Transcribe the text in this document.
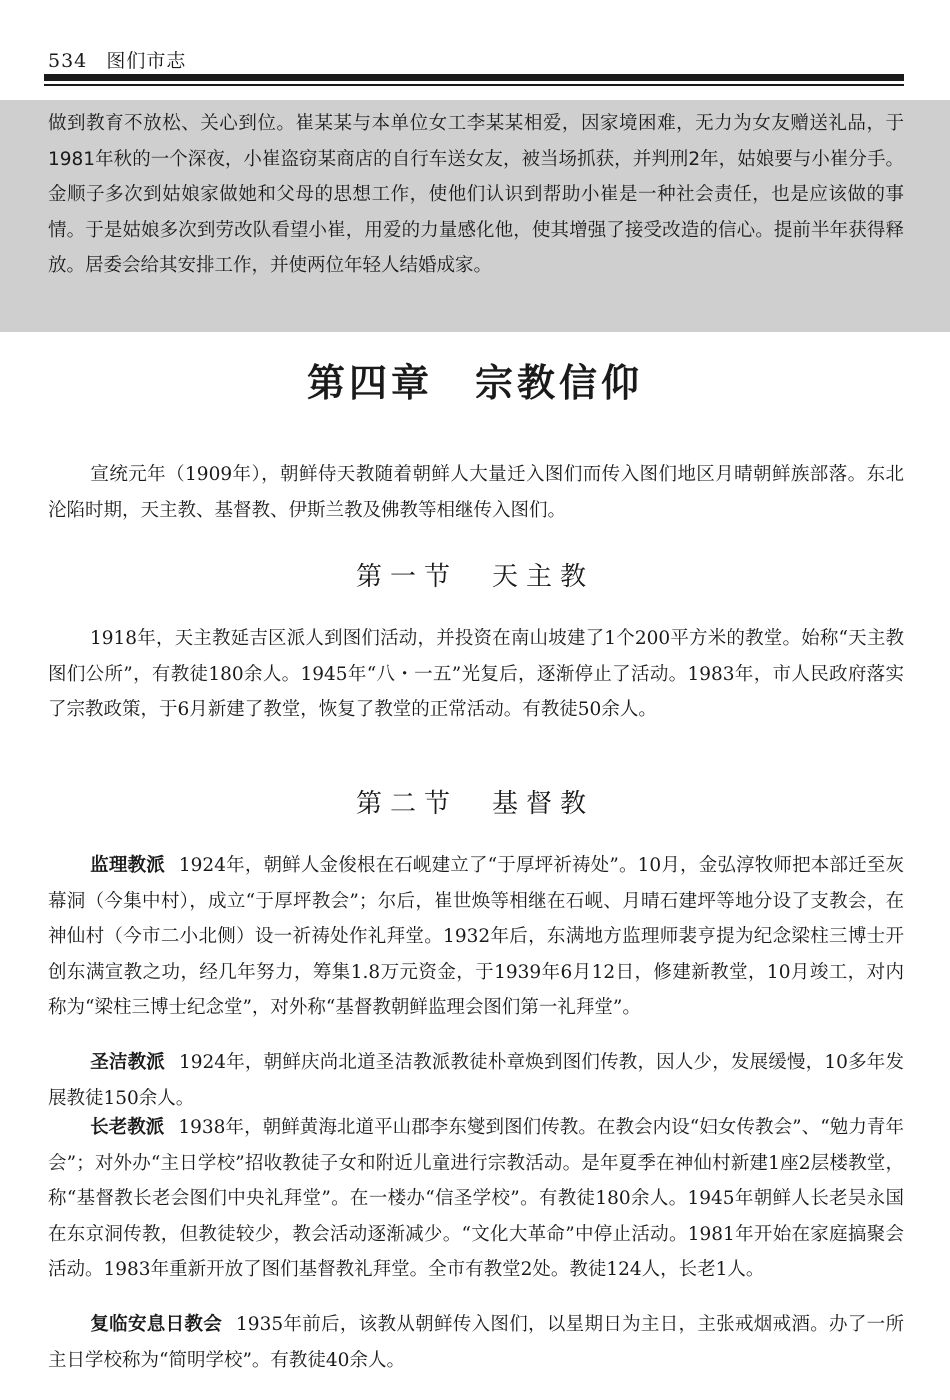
534 图们市志

做到教育不放松、关心到位。崔某某与本单位女工李某某相爱，因家境困难，无力为女友赠送礼品，于1981年秋的一个深夜，小崔盗窃某商店的自行车送女友，被当场抓获，并判刑2年，姑娘要与小崔分手。金顺子多次到姑娘家做她和父母的思想工作，使他们认识到帮助小崔是一种社会责任，也是应该做的事情。于是姑娘多次到劳改队看望小崔，用爱的力量感化他，使其增强了接受改造的信心。提前半年获得释放。居委会给其安排工作，并使两位年轻人结婚成家。

第四章　宗教信仰

宣统元年（1909年），朝鲜侍天教随着朝鲜人大量迁入图们而传入图们地区月晴朝鲜族部落。东北沦陷时期，天主教、基督教、伊斯兰教及佛教等相继传入图们。

第一节　天主教

1918年，天主教延吉区派人到图们活动，并投资在南山坡建了1个200平方米的教堂。始称“天主教图们公所”，有教徒180余人。1945年“八・一五”光复后，逐渐停止了活动。1983年，市人民政府落实了宗教政策，于6月新建了教堂，恢复了教堂的正常活动。有教徒50余人。

第二节　基督教

监理教派 1924年，朝鲜人金俊根在石岘建立了“于厚坪祈祷处”。10月，金弘淳牧师把本部迁至灰幕洞（今集中村），成立“于厚坪教会”；尔后，崔世焕等相继在石岘、月晴石建坪等地分设了支教会，在神仙村（今市二小北侧）设一祈祷处作礼拜堂。1932年后，东满地方监理师裴亨提为纪念梁柱三博士开创东满宣教之功，经几年努力，筹集1.8万元资金，于1939年6月12日，修建新教堂，10月竣工，对内称为“梁柱三博士纪念堂”，对外称“基督教朝鲜监理会图们第一礼拜堂”。

圣洁教派 1924年，朝鲜庆尚北道圣洁教派教徒朴章焕到图们传教，因人少，发展缓慢，10多年发展教徒150余人。

长老教派 1938年，朝鲜黄海北道平山郡李东燮到图们传教。在教会内设“妇女传教会”、“勉力青年会”；对外办“主日学校”招收教徒子女和附近儿童进行宗教活动。是年夏季在神仙村新建1座2层楼教堂，称“基督教长老会图们中央礼拜堂”。在一楼办“信圣学校”。有教徒180余人。1945年朝鲜人长老吴永国在东京洞传教，但教徒较少，教会活动逐渐减少。“文化大革命”中停止活动。1981年开始在家庭搞聚会活动。1983年重新开放了图们基督教礼拜堂。全市有教堂2处。教徒124人，长老1人。

复临安息日教会 1935年前后，该教从朝鲜传入图们，以星期日为主日，主张戒烟戒酒。办了一所主日学校称为“简明学校”。有教徒40余人。
